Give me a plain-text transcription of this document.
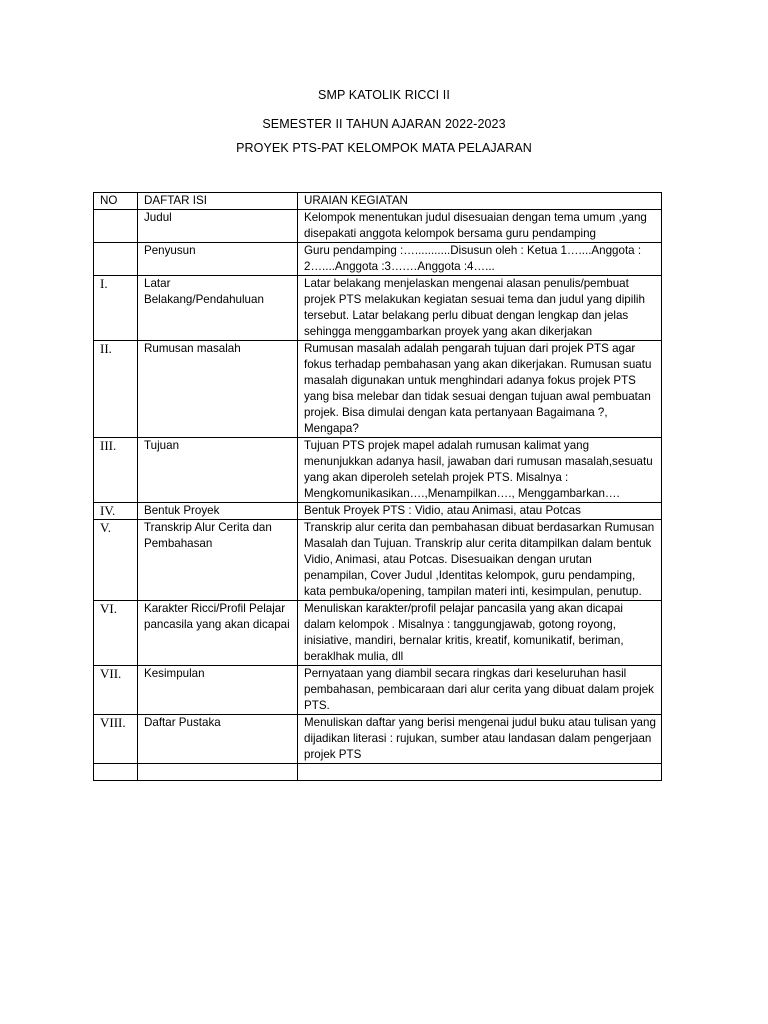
SMP KATOLIK RICCI II
SEMESTER II TAHUN AJARAN 2022-2023
PROYEK PTS-PAT KELOMPOK MATA PELAJARAN
NO	DAFTAR ISI	URAIAN KEGIATAN
	Judul	Kelompok menentukan judul disesuaian dengan tema umum ,yang disepakati anggota kelompok bersama guru pendamping
	Penyusun	Guru pendamping :…...........Disusun oleh : Ketua 1…....Anggota : 2…....Anggota :3….…Anggota :4…...
I.	Latar Belakang/Pendahuluan	Latar belakang menjelaskan mengenai alasan penulis/pembuat projek PTS melakukan kegiatan sesuai tema dan judul yang dipilih tersebut. Latar belakang perlu dibuat dengan lengkap dan jelas sehingga menggambarkan proyek yang akan dikerjakan
II.	Rumusan masalah	Rumusan masalah adalah pengarah tujuan dari projek PTS agar fokus terhadap pembahasan yang akan dikerjakan. Rumusan suatu masalah digunakan untuk menghindari adanya fokus projek PTS yang bisa melebar dan tidak sesuai dengan tujuan awal pembuatan projek. Bisa dimulai dengan kata pertanyaan Bagaimana ?, Mengapa?
III.	Tujuan	Tujuan PTS projek mapel adalah rumusan kalimat yang menunjukkan adanya hasil, jawaban dari rumusan masalah,sesuatu yang akan diperoleh setelah projek PTS. Misalnya : Mengkomunikasikan….,Menampilkan…., Menggambarkan….
IV.	Bentuk Proyek	Bentuk Proyek PTS : Vidio, atau Animasi, atau Potcas
V.	Transkrip Alur Cerita dan Pembahasan	Transkrip alur cerita dan pembahasan dibuat berdasarkan Rumusan Masalah dan Tujuan. Transkrip alur cerita ditampilkan dalam bentuk Vidio, Animasi, atau Potcas. Disesuaikan dengan urutan penampilan, Cover Judul ,Identitas kelompok, guru pendamping, kata pembuka/opening, tampilan materi inti, kesimpulan, penutup.
VI.	Karakter Ricci/Profil Pelajar pancasila yang akan dicapai	Menuliskan karakter/profil pelajar pancasila yang akan dicapai dalam kelompok . Misalnya : tanggungjawab, gotong royong, inisiative, mandiri, bernalar kritis, kreatif, komunikatif, beriman, beraklhak mulia, dll
VII.	Kesimpulan	Pernyataan yang diambil secara ringkas dari keseluruhan hasil pembahasan, pembicaraan dari alur cerita yang dibuat dalam projek PTS.
VIII.	Daftar Pustaka	Menuliskan daftar yang berisi mengenai judul buku atau tulisan yang dijadikan literasi : rujukan, sumber atau landasan dalam pengerjaan projek PTS
